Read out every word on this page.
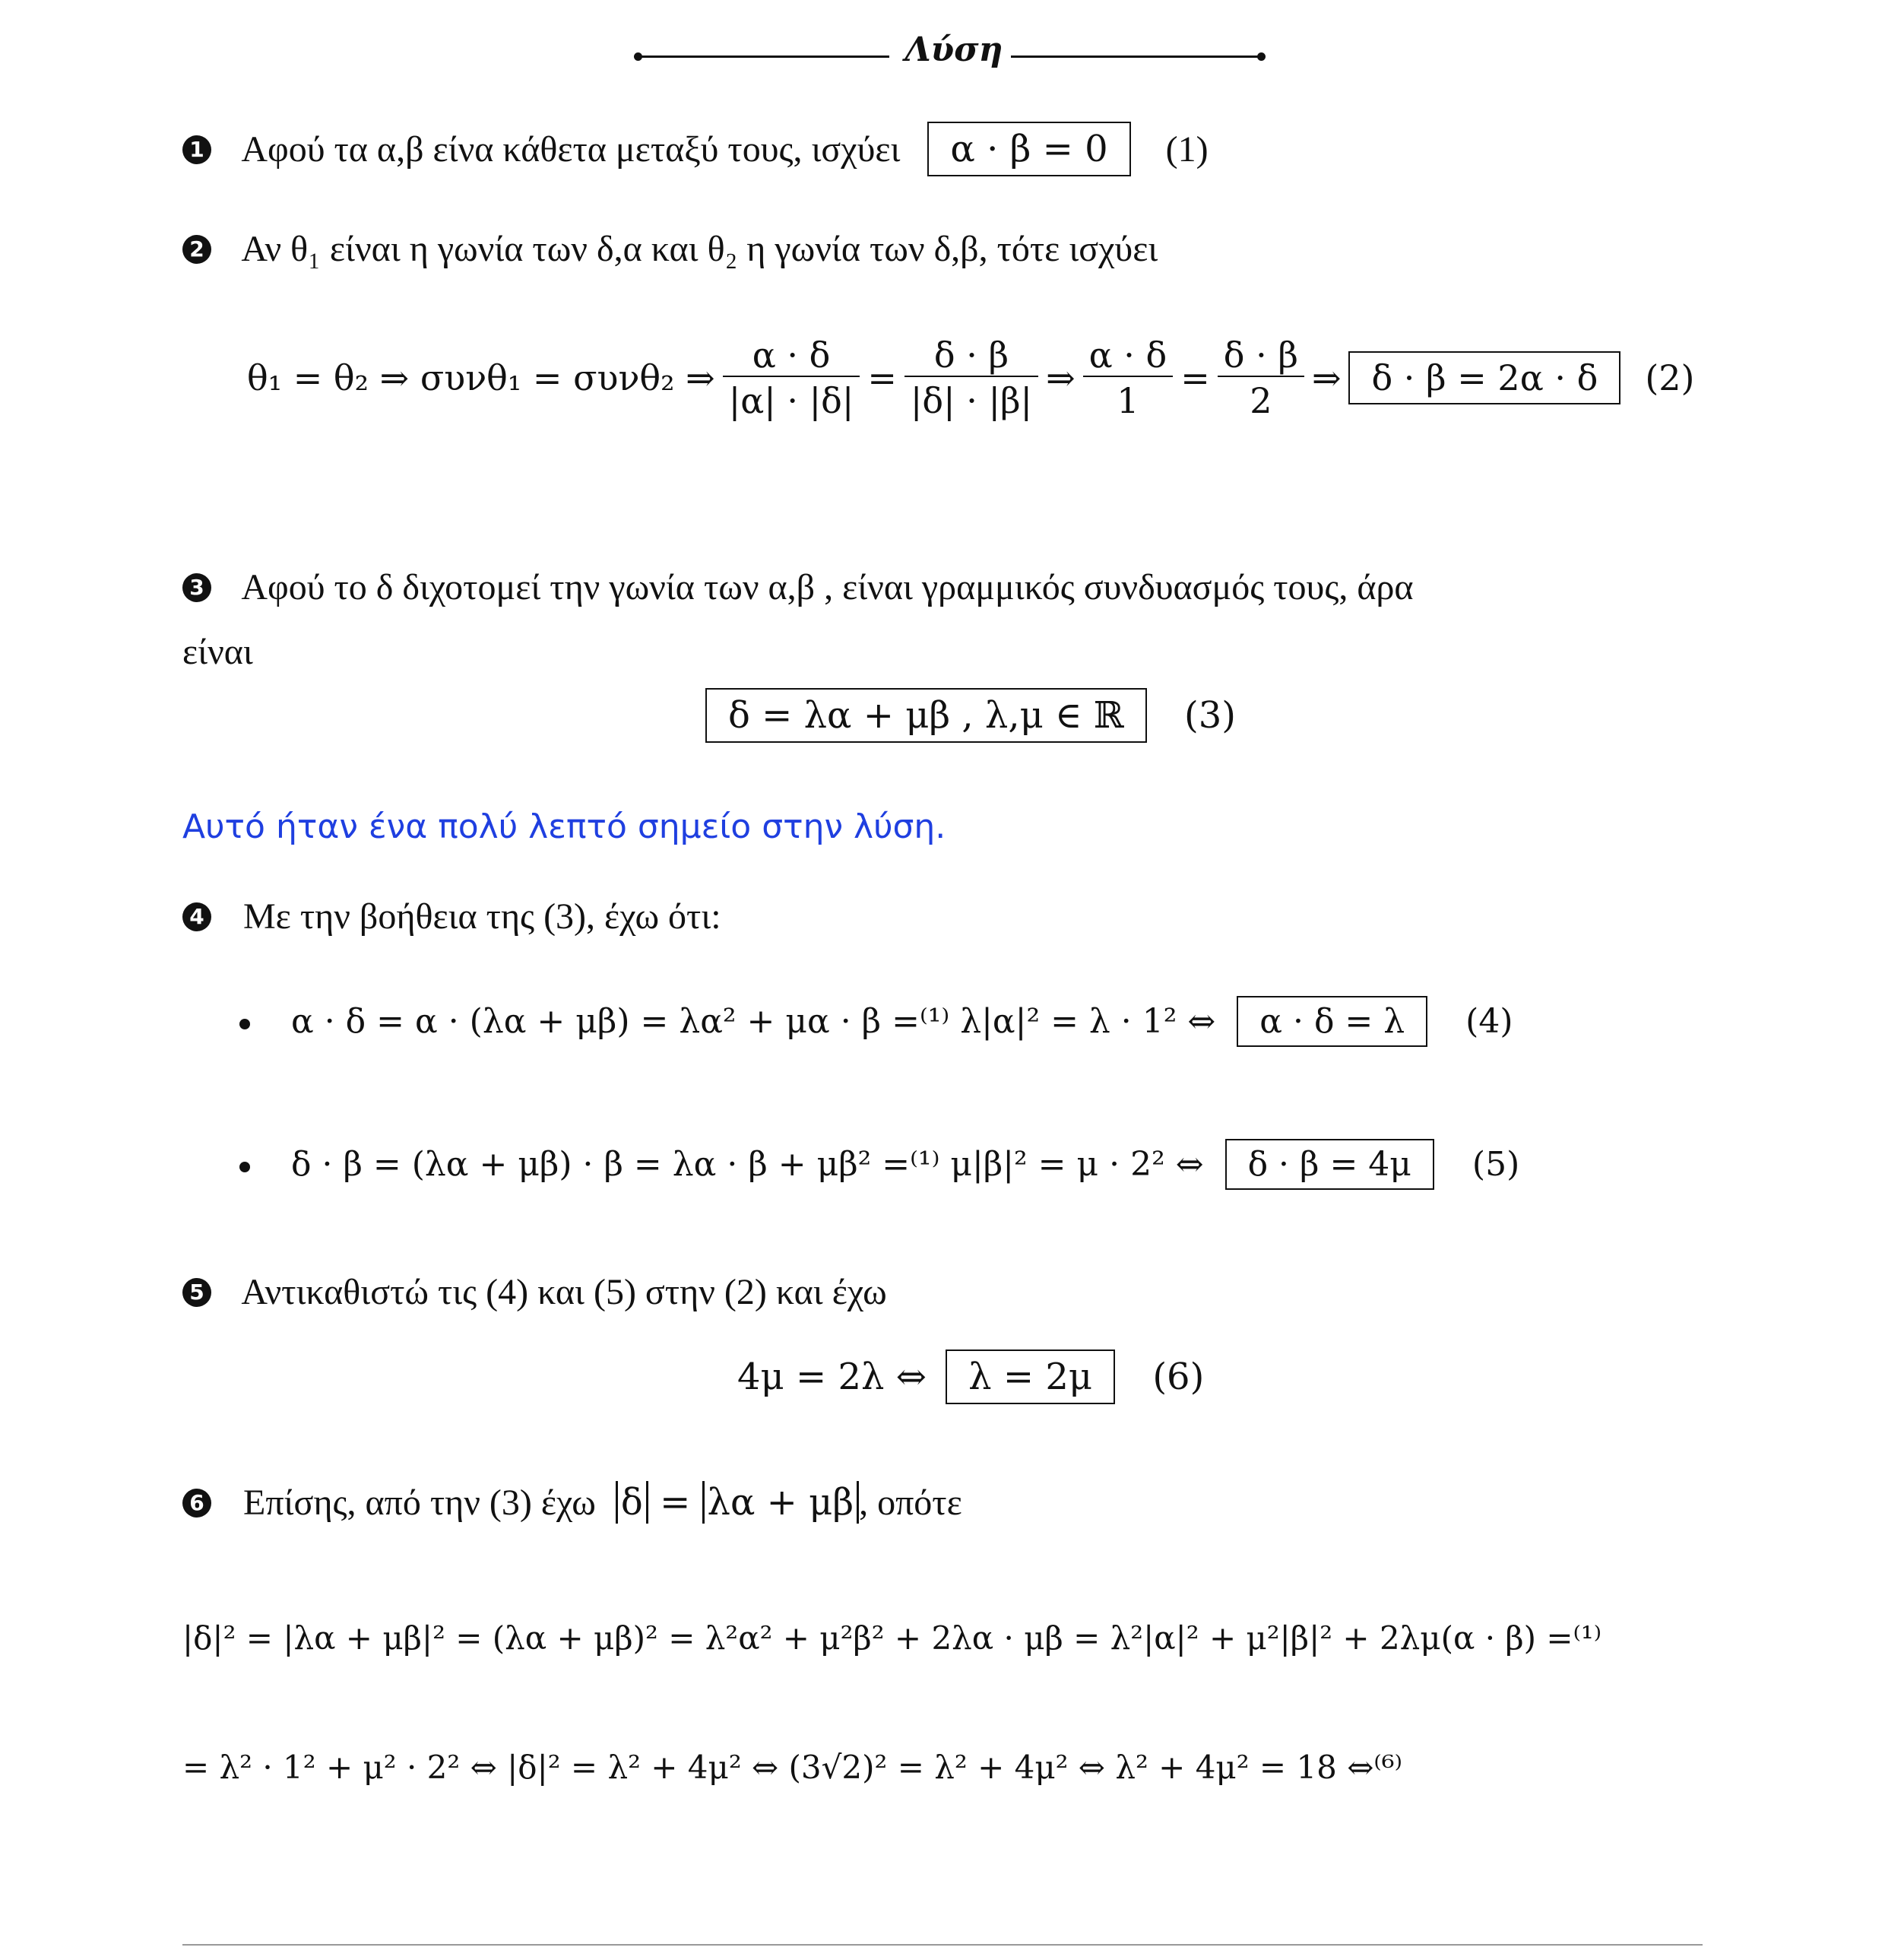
Λύση
1 Αφού τα α,β είνα κάθετα μεταξύ τους, ισχύει α · β = 0 (1)
2 Αν θ₁ είναι η γωνία των δ,α και θ₂ η γωνία των δ,β, τότε ισχύει
θ₁ = θ₂ ⇒ συνθ₁ = συνθ₂ ⇒ $\frac{\alpha \cdot \delta}{|\alpha| \cdot |\delta|} = \frac{\delta \cdot \beta}{|\delta| \cdot |\beta|}$ ⇒ $\frac{\alpha \cdot \delta}{1} = \frac{\delta \cdot \beta}{2}$ ⇒ δ · β = 2α · δ	(2)
3 Αφού το δ διχοτομεί την γωνία των α,β , είναι γραμμικός συνδυασμός τους, άρα
είναι
δ = λα + μβ , λ,μ ∈ ℝ (3)
Αυτό ήταν ένα πολύ λεπτό σημείο στην λύση.
4 Με την βοήθεια της (3), έχω ότι:
α · δ = α · (λα + μβ) = λα² + μα · β =⁽¹⁾ λ|α|² = λ · 1² ⇔ α · δ = λ (4)
δ · β = (λα + μβ) · β = λα · β + μβ² =⁽¹⁾ μ|β|² = μ · 2² ⇔ δ · β = 4μ (5)
5 Αντικαθιστώ τις (4) και (5) στην (2) και έχω
4μ = 2λ ⇔ λ = 2μ (6)
6 Επίσης, από την (3) έχω δ = λα + μβ , οπότε
|δ|² = |λα + μβ|² = (λα + μβ)² = λ²α² + μ²β² + 2λα · μβ = λ²|α|² + μ²|β|² + 2λμ(α · β) =⁽¹⁾
= λ² · 1² + μ² · 2² ⇔ |δ|² = λ² + 4μ² ⇔ (3√2)² = λ² + 4μ² ⇔ λ² + 4μ² = 18 ⇔⁽⁶⁾
